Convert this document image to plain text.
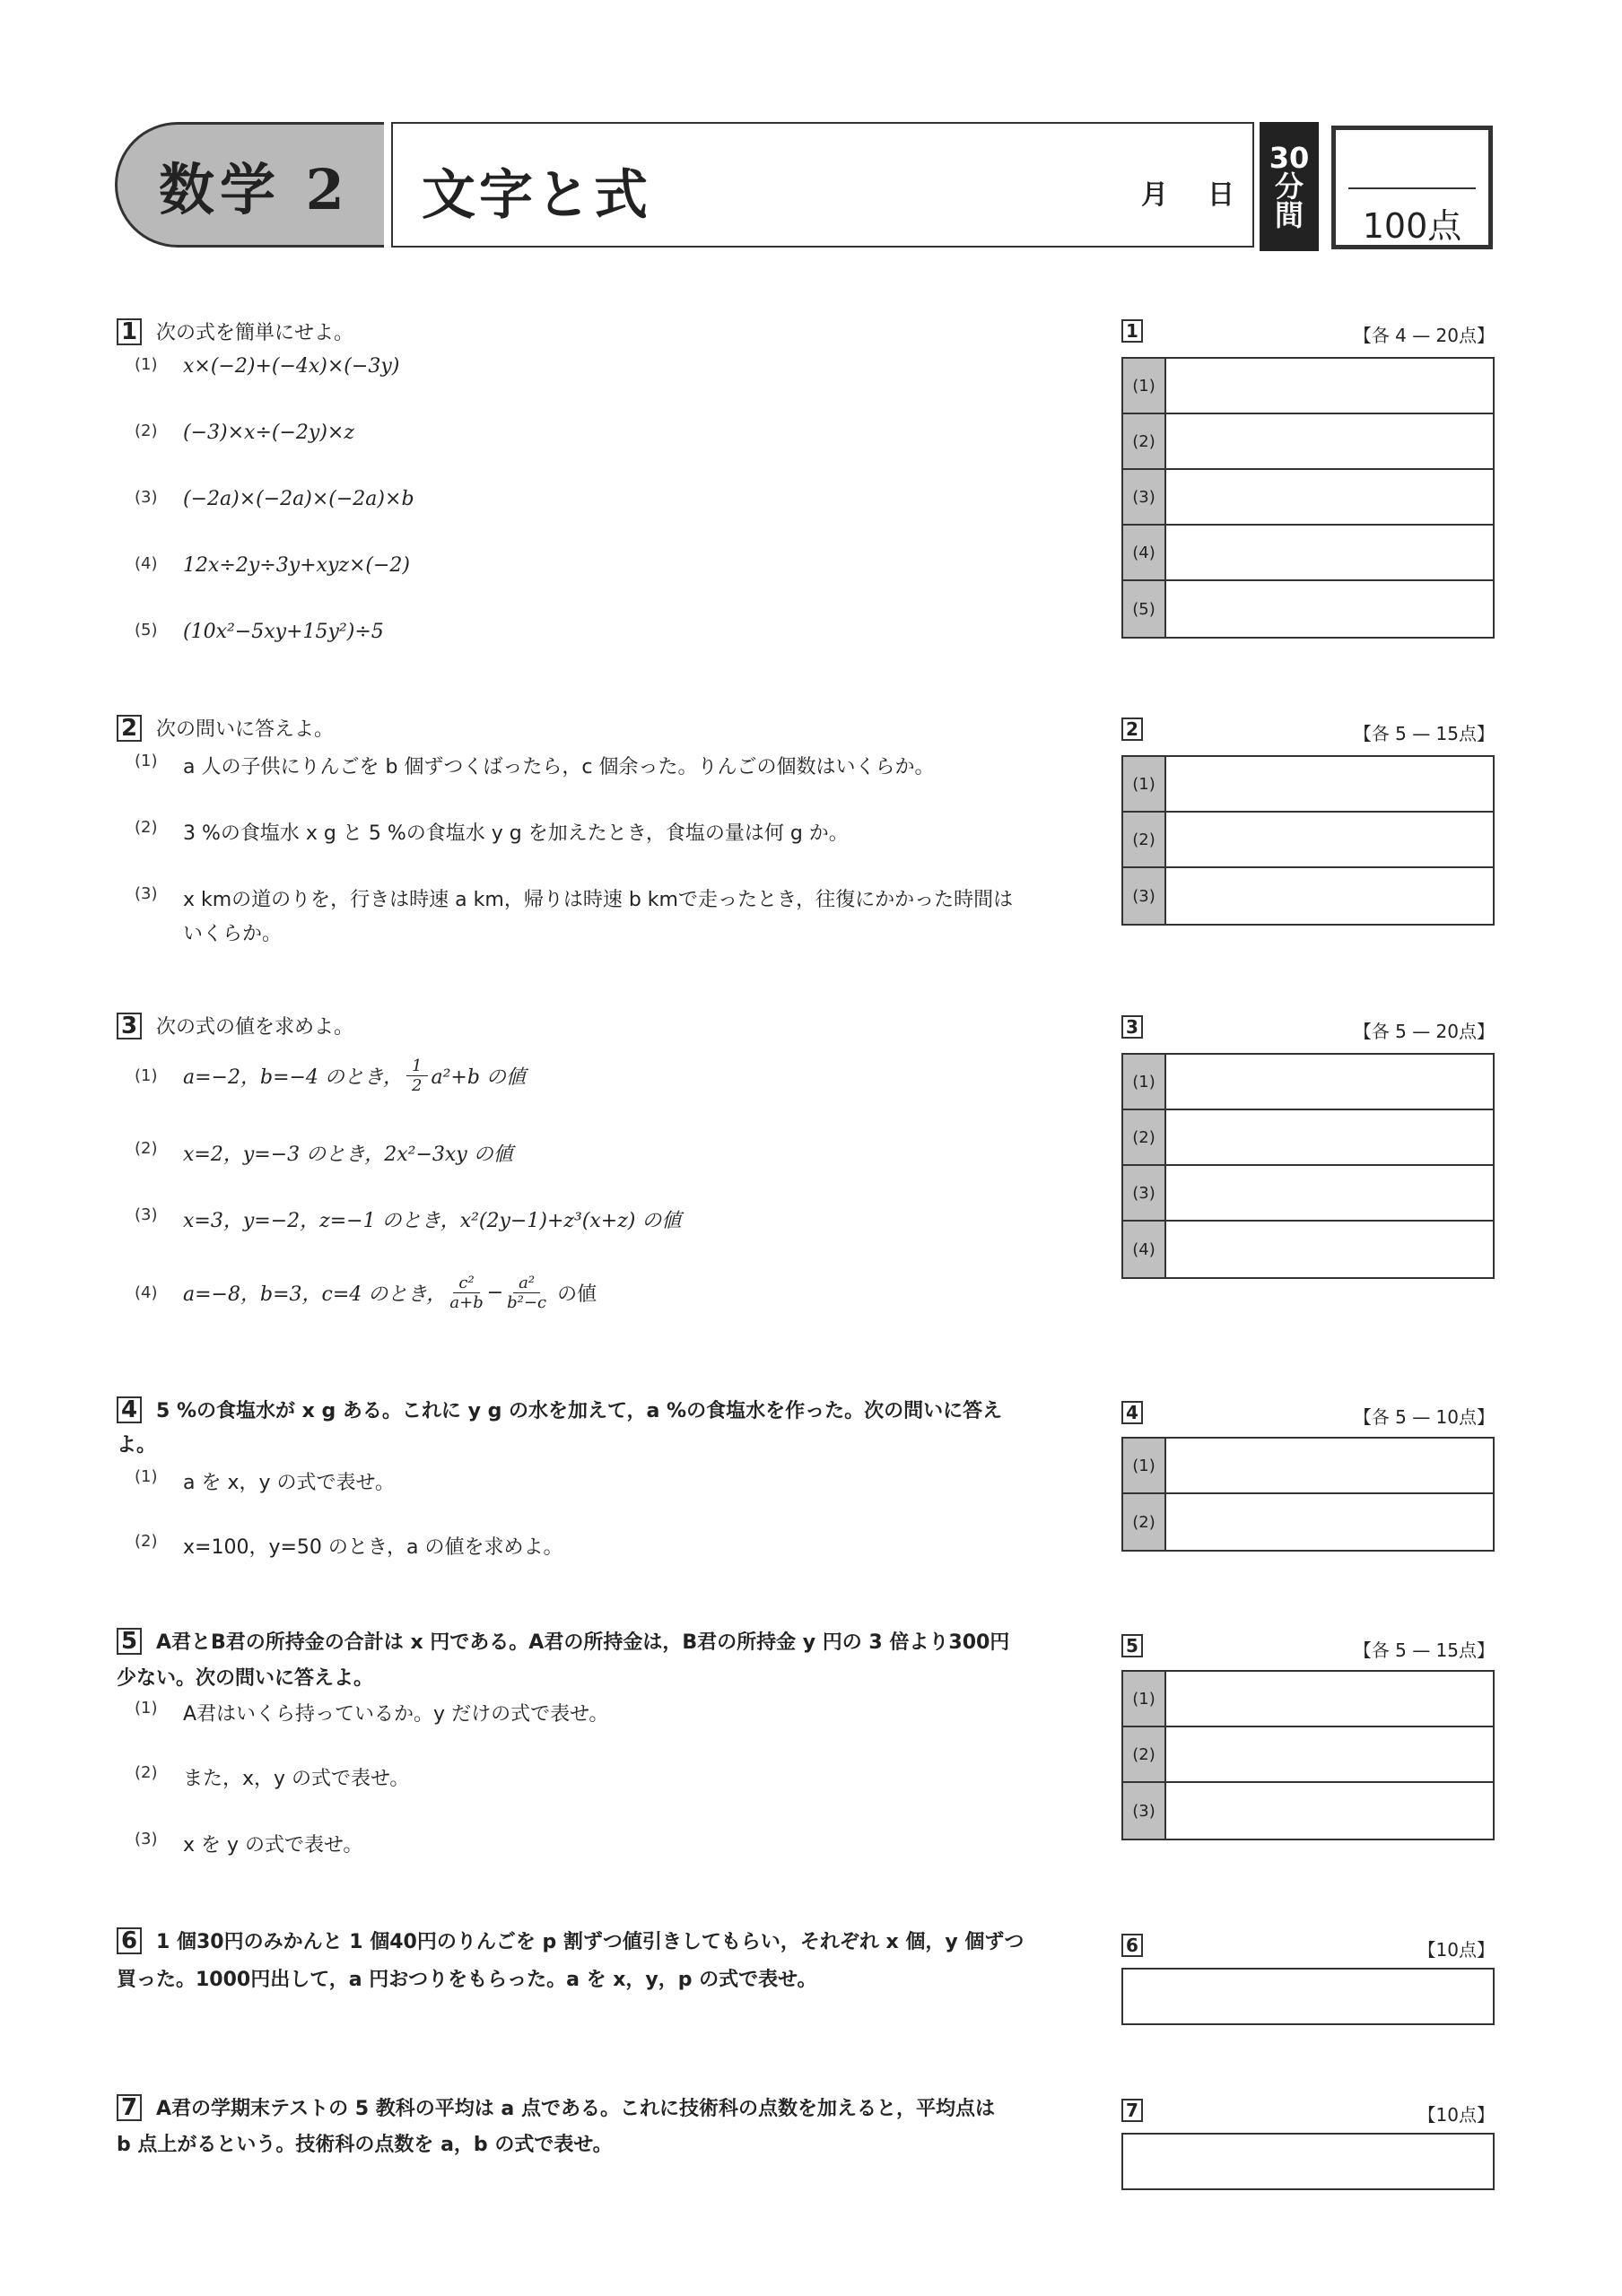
数学 2 文字と式	月 日
30
分
間	100点
1 次の式を簡単にせよ。
(1)	x×(−2)+(−4x)×(−3y)
(2)	(−3)×x÷(−2y)×z
(3)	(−2a)×(−2a)×(−2a)×b
(4)	12x÷2y÷3y+xyz×(−2)
(5)	(10x²−5xy+15y²)÷5
1	【各 4 — 20点】
(1)
(2)
(3)
(4)
(5)
2 次の問いに答えよ。
(1)	a 人の子供にりんごを b 個ずつくばったら，c 個余った。りんごの個数はいくらか。
(2)	3 %の食塩水 x g と 5 %の食塩水 y g を加えたとき，食塩の量は何 g か。
(3)	x kmの道のりを，行きは時速 a km，帰りは時速 b kmで走ったとき，往復にかかった時間は
いくらか。
2	【各 5 — 15点】
(1)
(2)
(3)
3 次の式の値を求めよ。
(1)	a=−2，b=−4 のとき， $\frac{1}{2} a^2+b$ の値
(2)	x=2，y=−3 のとき，2x²−3xy の値
(3)	x=3，y=−2，z=−1 のとき，x²(2y−1)+z³(x+z) の値
(4)	a=−8，b=3，c=4 のとき， $\frac{\text{c²}}{a+b} - \frac{\text{a²}}{\text{b²−c}}$ の値
3	【各 5 — 20点】
(1)
(2)
(3)
(4)
4 5 %の食塩水が x g ある。これに y g の水を加えて，a %の食塩水を作った。次の問いに答え
よ。
(1)	a を x，y の式で表せ。
(2)	x=100，y=50 のとき，a の値を求めよ。
4	【各 5 — 10点】
(1)
(2)
5 A君とB君の所持金の合計は x 円である。A君の所持金は，B君の所持金 y 円の 3 倍より300円
少ない。次の問いに答えよ。
(1)	A君はいくら持っているか。y だけの式で表せ。
(2)	また，x，y の式で表せ。
(3)	x を y の式で表せ。
5	【各 5 — 15点】
(1)
(2)
(3)
6 1 個30円のみかんと 1 個40円のりんごを p 割ずつ値引きしてもらい，それぞれ x 個，y 個ずつ
買った。1000円出して，a 円おつりをもらった。a を x，y，p の式で表せ。
6	【10点】
7 A君の学期末テストの 5 教科の平均は a 点である。これに技術科の点数を加えると，平均点は
b 点上がるという。技術科の点数を a，b の式で表せ。
7	【10点】
